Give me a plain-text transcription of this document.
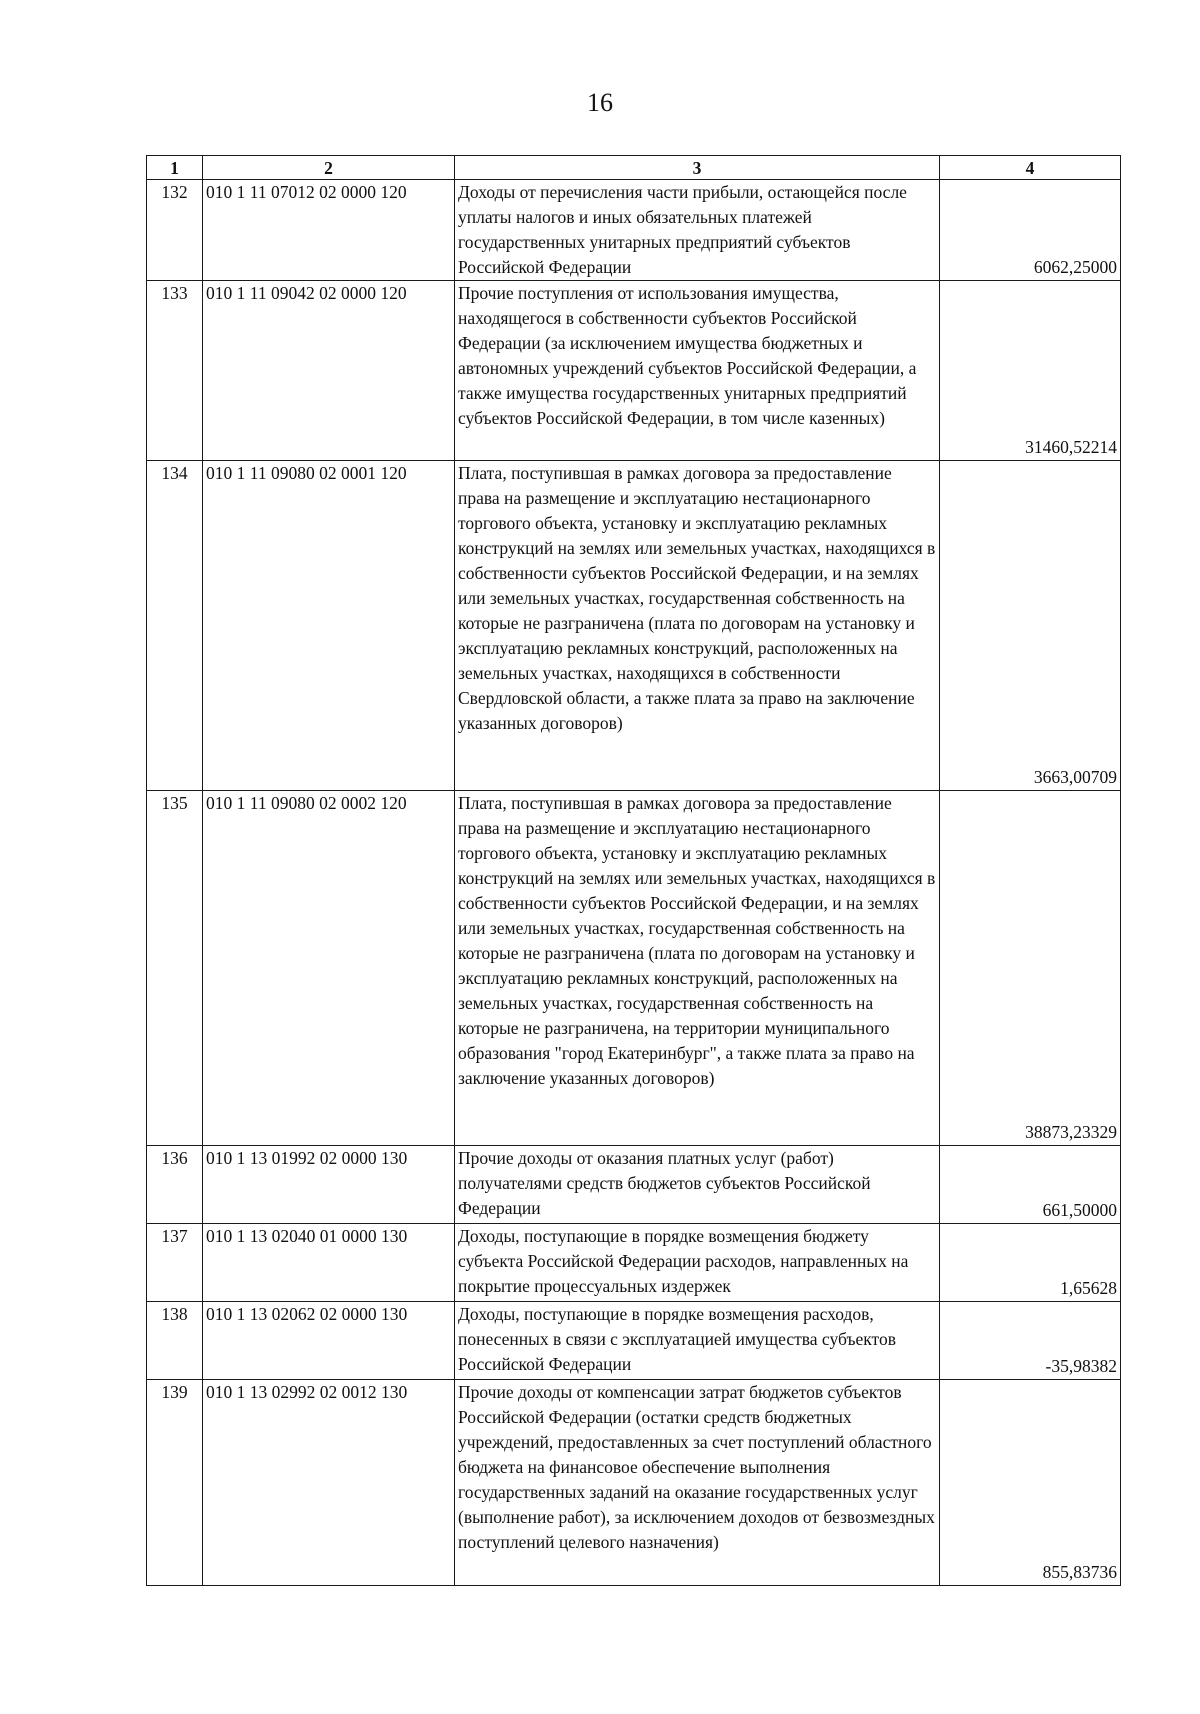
16
1	2	3	4
132	010 1 11 07012 02 0000 120	Доходы от перечисления части прибыли, остающейся после уплаты налогов и иных обязательных платежей государственных унитарных предприятий субъектов Российской Федерации	6062,25000
133	010 1 11 09042 02 0000 120	Прочие поступления от использования имущества, находящегося в собственности субъектов Российской Федерации (за исключением имущества бюджетных и автономных учреждений субъектов Российской Федерации, а также имущества государственных унитарных предприятий субъектов Российской Федерации, в том числе казенных)	31460,52214
134	010 1 11 09080 02 0001 120	Плата, поступившая в рамках договора за предоставление права на размещение и эксплуатацию нестационарного торгового объекта, установку и эксплуатацию рекламных конструкций на землях или земельных участках, находящихся в собственности субъектов Российской Федерации, и на землях или земельных участках, государственная собственность на которые не разграничена (плата по договорам на установку и эксплуатацию рекламных конструкций, расположенных на земельных участках, находящихся в собственности Свердловской области, а также плата за право на заключение указанных договоров)	3663,00709
135	010 1 11 09080 02 0002 120	Плата, поступившая в рамках договора за предоставление права на размещение и эксплуатацию нестационарного торгового объекта, установку и эксплуатацию рекламных конструкций на землях или земельных участках, находящихся в собственности субъектов Российской Федерации, и на землях или земельных участках, государственная собственность на которые не разграничена (плата по договорам на установку и эксплуатацию рекламных конструкций, расположенных на земельных участках, государственная собственность на которые не разграничена, на территории муниципального образования "город Екатеринбург", а также плата за право на заключение указанных договоров)	38873,23329
136	010 1 13 01992 02 0000 130	Прочие доходы от оказания платных услуг (работ) получателями средств бюджетов субъектов Российской Федерации	661,50000
137	010 1 13 02040 01 0000 130	Доходы, поступающие в порядке возмещения бюджету субъекта Российской Федерации расходов, направленных на покрытие процессуальных издержек	1,65628
138	010 1 13 02062 02 0000 130	Доходы, поступающие в порядке возмещения расходов, понесенных в связи с эксплуатацией имущества субъектов Российской Федерации	-35,98382
139	010 1 13 02992 02 0012 130	Прочие доходы от компенсации затрат бюджетов субъектов Российской Федерации (остатки средств бюджетных учреждений, предоставленных за счет поступлений областного бюджета на финансовое обеспечение выполнения государственных заданий на оказание государственных услуг (выполнение работ), за исключением доходов от безвозмездных поступлений целевого назначения)	855,83736
